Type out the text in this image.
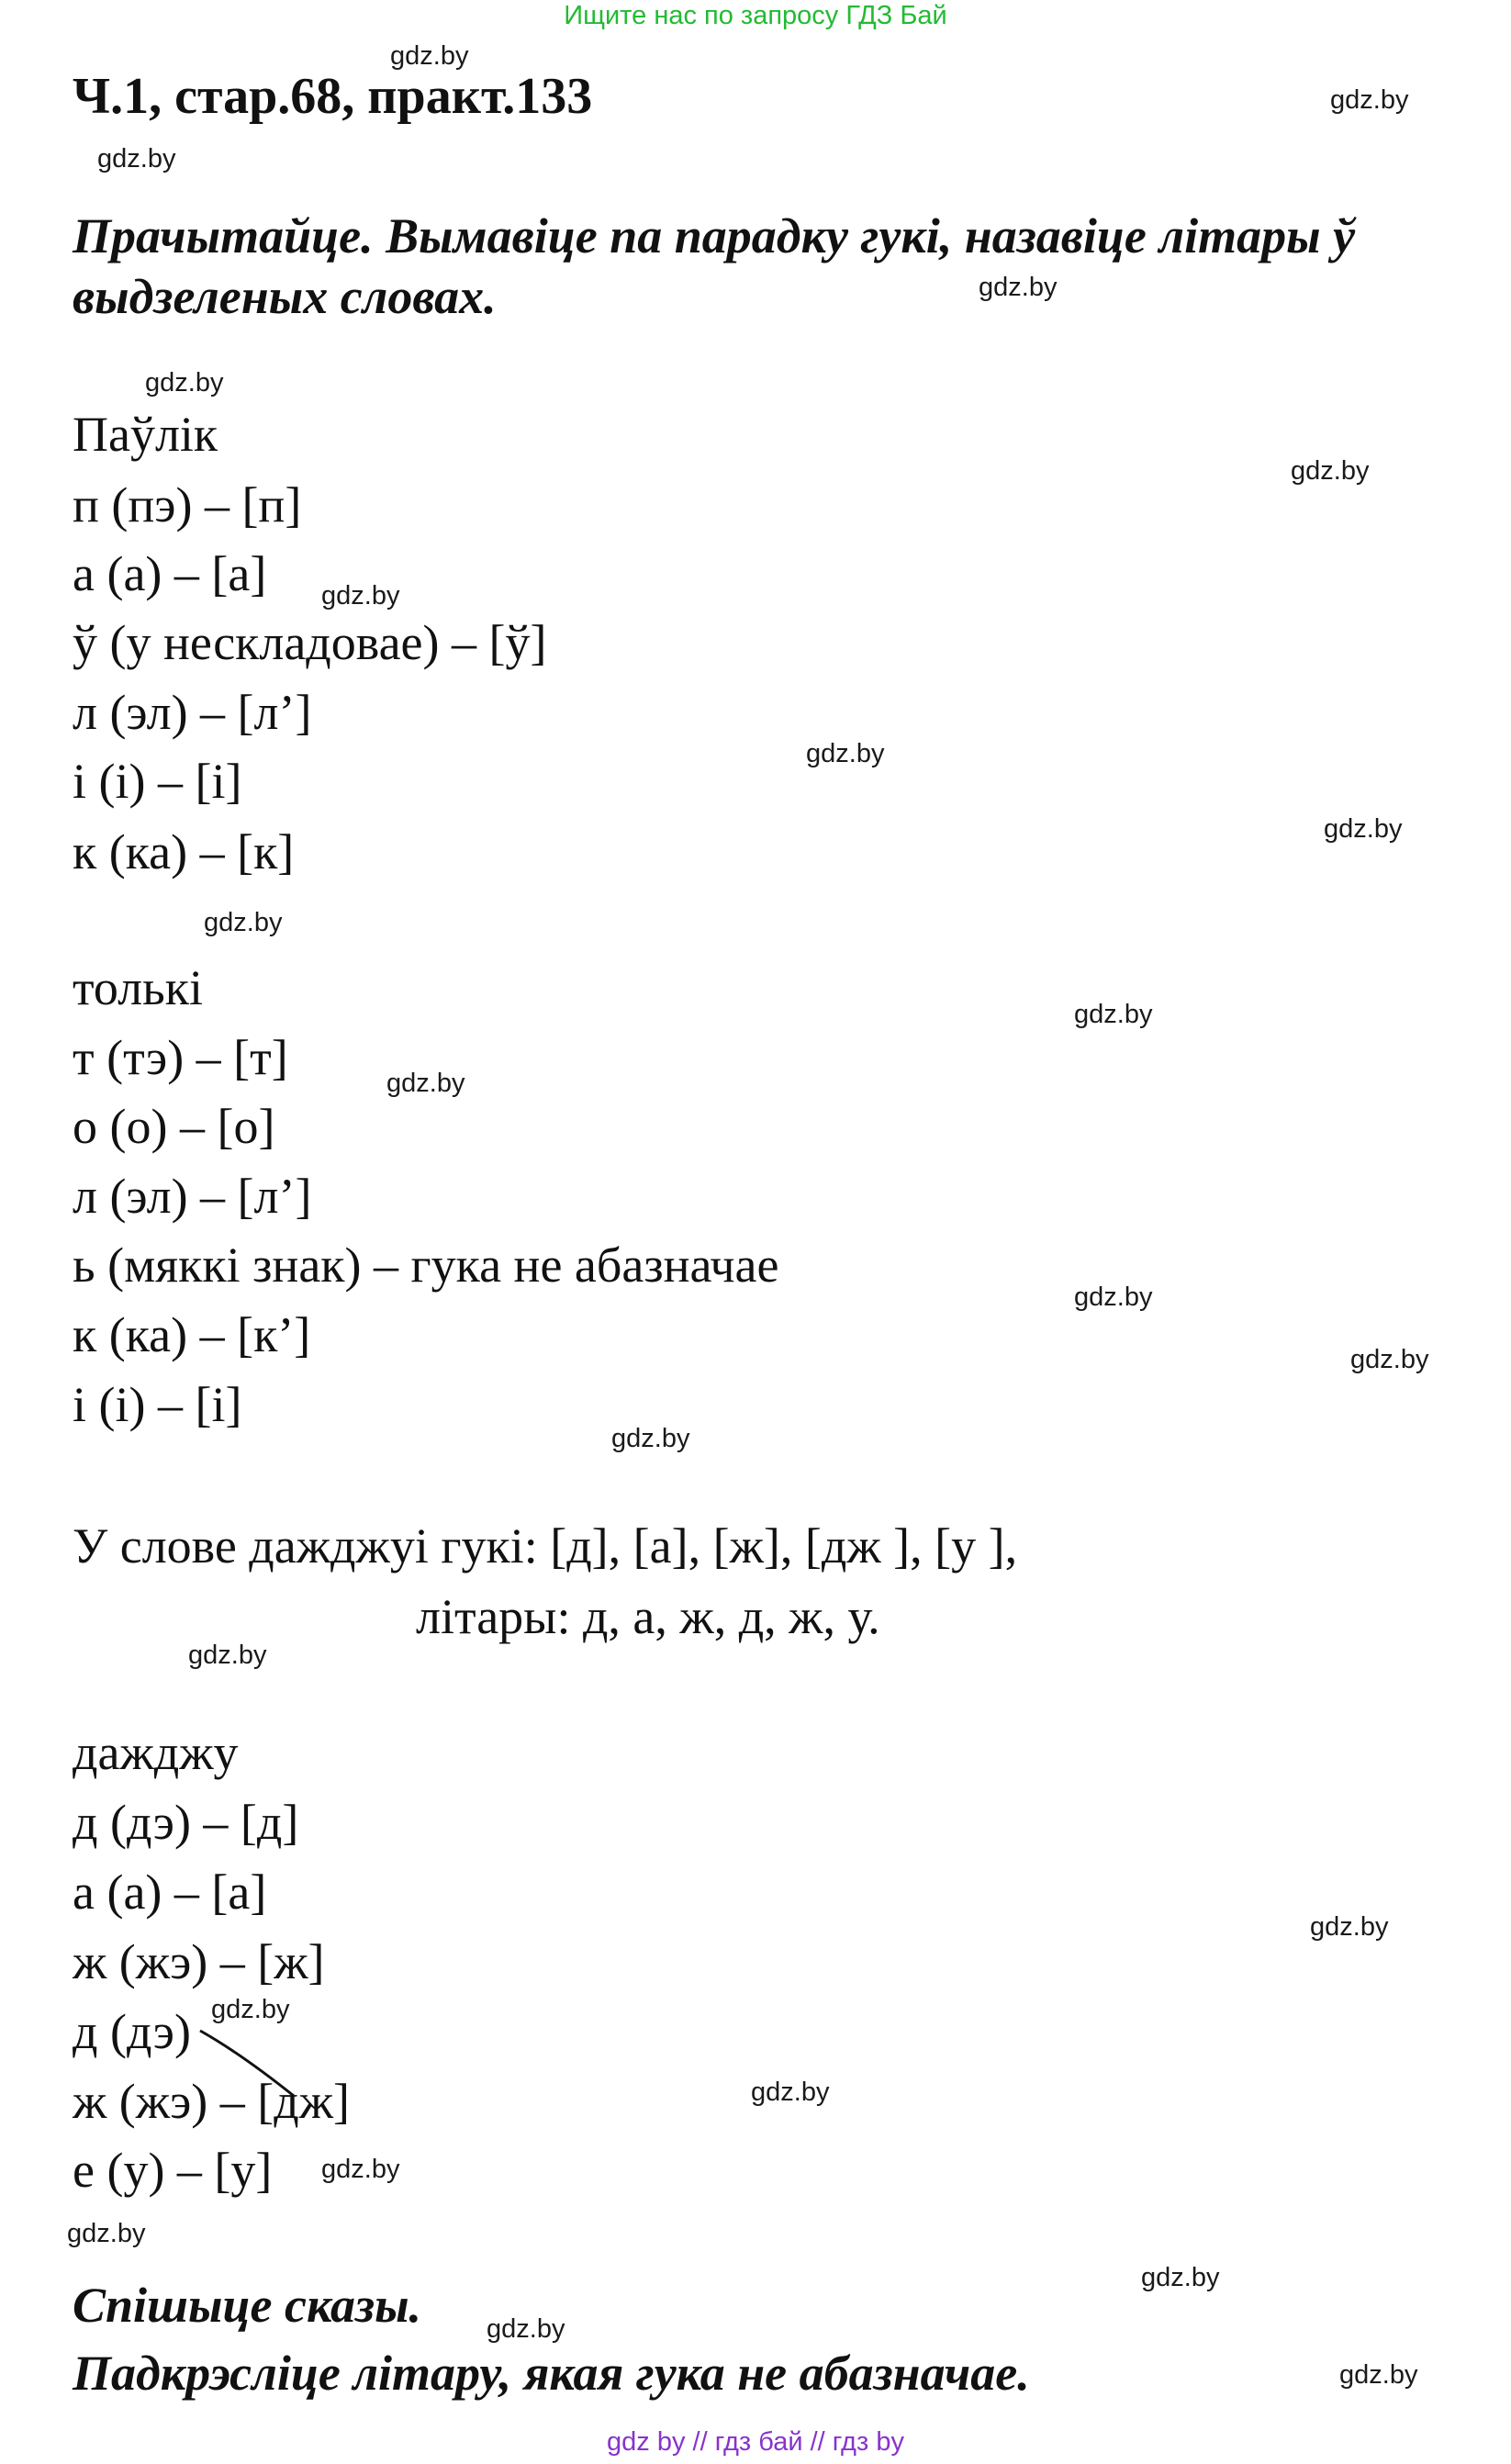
Ищите нас по запросу ГДЗ Бай
Ч.1, стар.68, практ.133
Прачытайце. Вымавіце па парадку гукі, назавіце літары ў
выдзеленых словах.
Паўлік
п (пэ) – [п]
а (а) – [а]
ў (у нескладовае) – [ў]
л (эл) – [л’]
і (і) – [і]
к (ка) – [к]
толькі
т (тэ) – [т]
о (о) – [о]
л (эл) – [л’]
ь (мяккі знак) – гука не абазначае
к (ка) – [к’]
і (і) – [і]
У слове дажджуі гукі: [д], [а], [ж], [дж ], [у ],
літары: д, а, ж, д, ж, у.
дажджу
д (дэ) – [д]
а (а) – [а]
ж (жэ) – [ж]
д (дэ)
ж (жэ) – [дж]
е (у) – [у]
Спішыце сказы.
Падкрэсліце літару, якая гука не абазначае.
gdz.by
gdz.by
gdz.by
gdz.by
gdz.by
gdz.by
gdz.by
gdz.by
gdz.by
gdz.by
gdz.by
gdz.by
gdz.by
gdz.by
gdz.by
gdz.by
gdz.by
gdz.by
gdz.by
gdz.by
gdz.by
gdz.by
gdz.by
gdz.by
gdz by // гдз бай // гдз by
